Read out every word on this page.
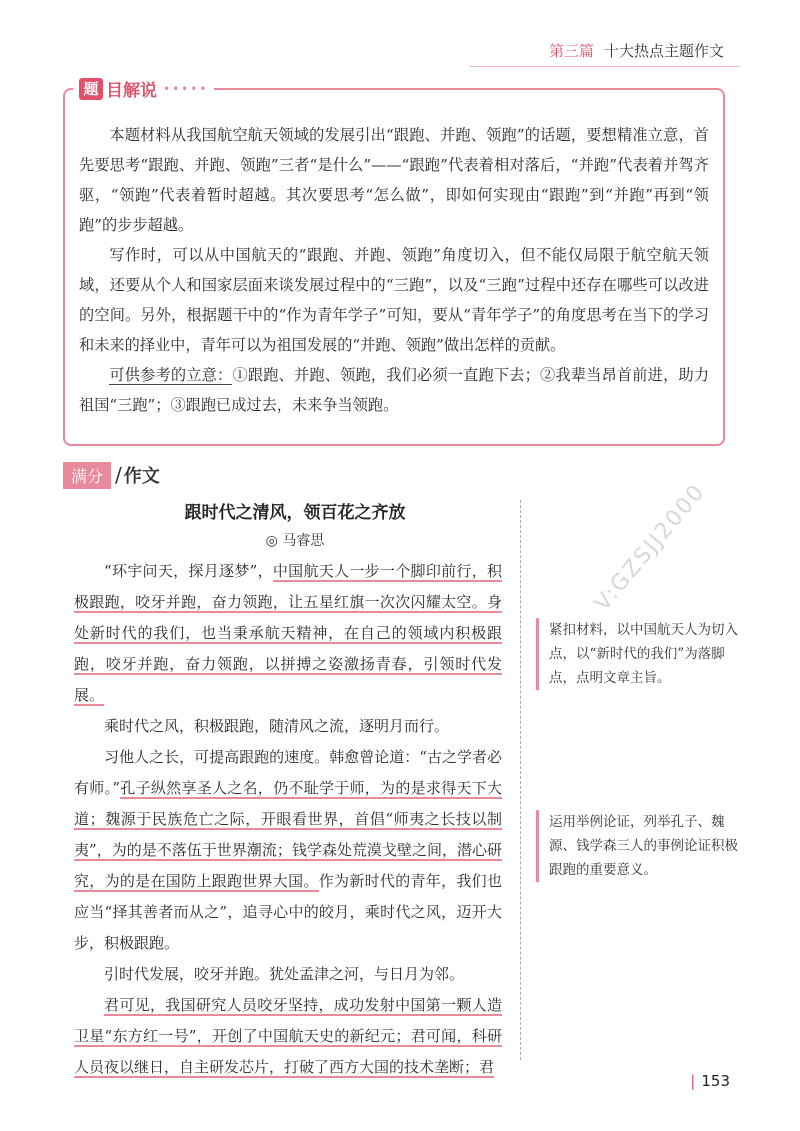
第三篇 十大热点主题作文
题 目解说 •••••

本题材料从我国航空航天领域的发展引出“跟跑、并跑、领跑”的话题，要想精准立意，首先要思考“跟跑、并跑、领跑”三者“是什么”——“跟跑”代表着相对落后，“并跑”代表着并驾齐驱，“领跑”代表着暂时超越。其次要思考“怎么做”，即如何实现由“跟跑”到“并跑”再到“领跑”的步步超越。

写作时，可以从中国航天的“跟跑、并跑、领跑”角度切入，但不能仅局限于航空航天领域，还要从个人和国家层面来谈发展过程中的“三跑”，以及“三跑”过程中还存在哪些可以改进的空间。另外，根据题干中的“作为青年学子”可知，要从“青年学子”的角度思考在当下的学习和未来的择业中，青年可以为祖国发展的“并跑、领跑”做出怎样的贡献。

可供参考的立意：①跟跑、并跑、领跑，我们必须一直跑下去；②我辈当昂首前进，助力祖国“三跑”；③跟跑已成过去，未来争当领跑。

满分 / 作文
跟时代之清风，领百花之齐放
◎ 马睿思

“环宇问天，探月逐梦”，中国航天人一步一个脚印前行，积极跟跑，咬牙并跑，奋力领跑，让五星红旗一次次闪耀太空。身处新时代的我们，也当秉承航天精神，在自己的领域内积极跟跑，咬牙并跑，奋力领跑，以拼搏之姿激扬青春，引领时代发展。

乘时代之风，积极跟跑，随清风之流，逐明月而行。

习他人之长，可提高跟跑的速度。韩愈曾论道：“古之学者必有师。”孔子纵然享圣人之名，仍不耻学于师，为的是求得天下大道；魏源于民族危亡之际，开眼看世界，首倡“师夷之长技以制夷”，为的是不落伍于世界潮流；钱学森处荒漠戈壁之间，潜心研究，为的是在国防上跟跑世界大国。作为新时代的青年，我们也应当“择其善者而从之”，追寻心中的皎月，乘时代之风，迈开大步，积极跟跑。

引时代发展，咬牙并跑。犹处孟津之河，与日月为邻。

君可见，我国研究人员咬牙坚持，成功发射中国第一颗人造卫星“东方红一号”，开创了中国航天史的新纪元；君可闻，科研人员夜以继日，自主研发芯片，打破了西方大国的技术垄断；君

紧扣材料，以中国航天人为切入点，以“新时代的我们”为落脚点，点明文章主旨。
运用举例论证，列举孔子、魏源、钱学森三人的事例论证积极跟跑的重要意义。
V:GZSJJ2000
| 153
